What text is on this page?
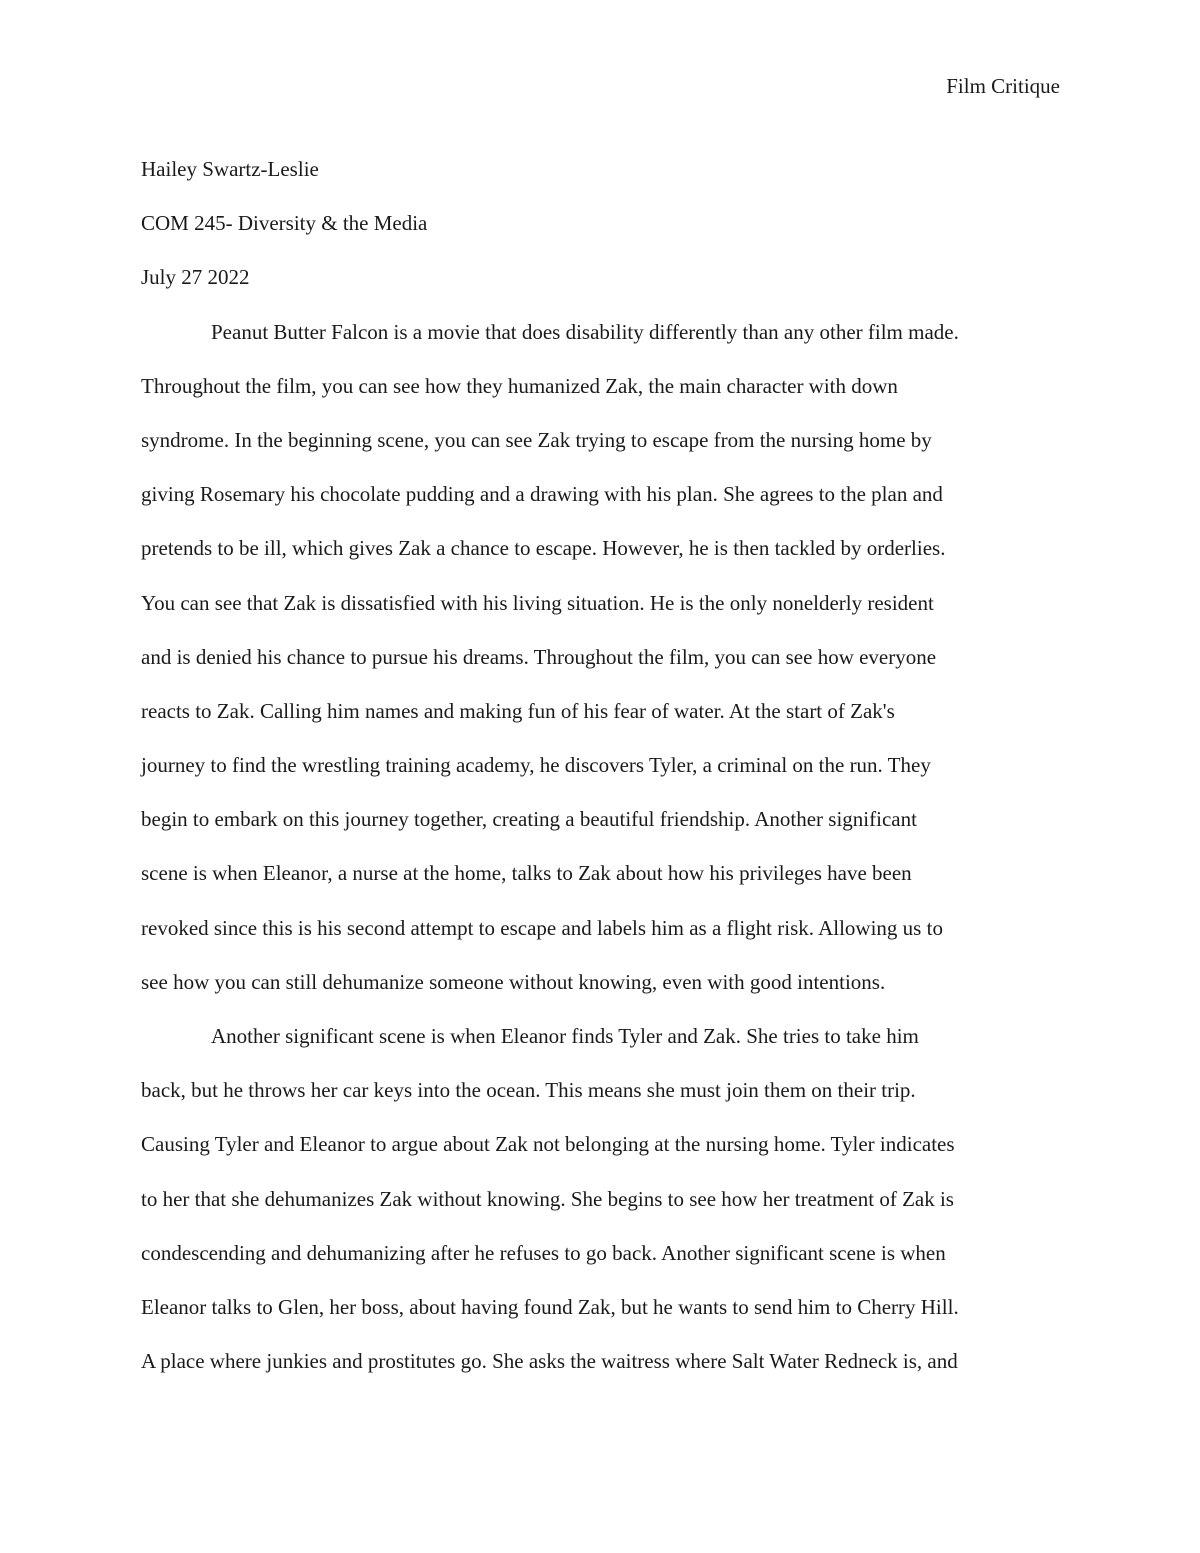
Film Critique
Hailey Swartz-Leslie
COM 245- Diversity & the Media
July 27 2022
Peanut Butter Falcon is a movie that does disability differently than any other film made.
Throughout the film, you can see how they humanized Zak, the main character with down
syndrome. In the beginning scene, you can see Zak trying to escape from the nursing home by
giving Rosemary his chocolate pudding and a drawing with his plan. She agrees to the plan and
pretends to be ill, which gives Zak a chance to escape. However, he is then tackled by orderlies.
You can see that Zak is dissatisfied with his living situation. He is the only nonelderly resident
and is denied his chance to pursue his dreams. Throughout the film, you can see how everyone
reacts to Zak. Calling him names and making fun of his fear of water. At the start of Zak's
journey to find the wrestling training academy, he discovers Tyler, a criminal on the run. They
begin to embark on this journey together, creating a beautiful friendship. Another significant
scene is when Eleanor, a nurse at the home, talks to Zak about how his privileges have been
revoked since this is his second attempt to escape and labels him as a flight risk. Allowing us to
see how you can still dehumanize someone without knowing, even with good intentions.
Another significant scene is when Eleanor finds Tyler and Zak. She tries to take him
back, but he throws her car keys into the ocean. This means she must join them on their trip.
Causing Tyler and Eleanor to argue about Zak not belonging at the nursing home. Tyler indicates
to her that she dehumanizes Zak without knowing. She begins to see how her treatment of Zak is
condescending and dehumanizing after he refuses to go back. Another significant scene is when
Eleanor talks to Glen, her boss, about having found Zak, but he wants to send him to Cherry Hill.
A place where junkies and prostitutes go. She asks the waitress where Salt Water Redneck is, and
